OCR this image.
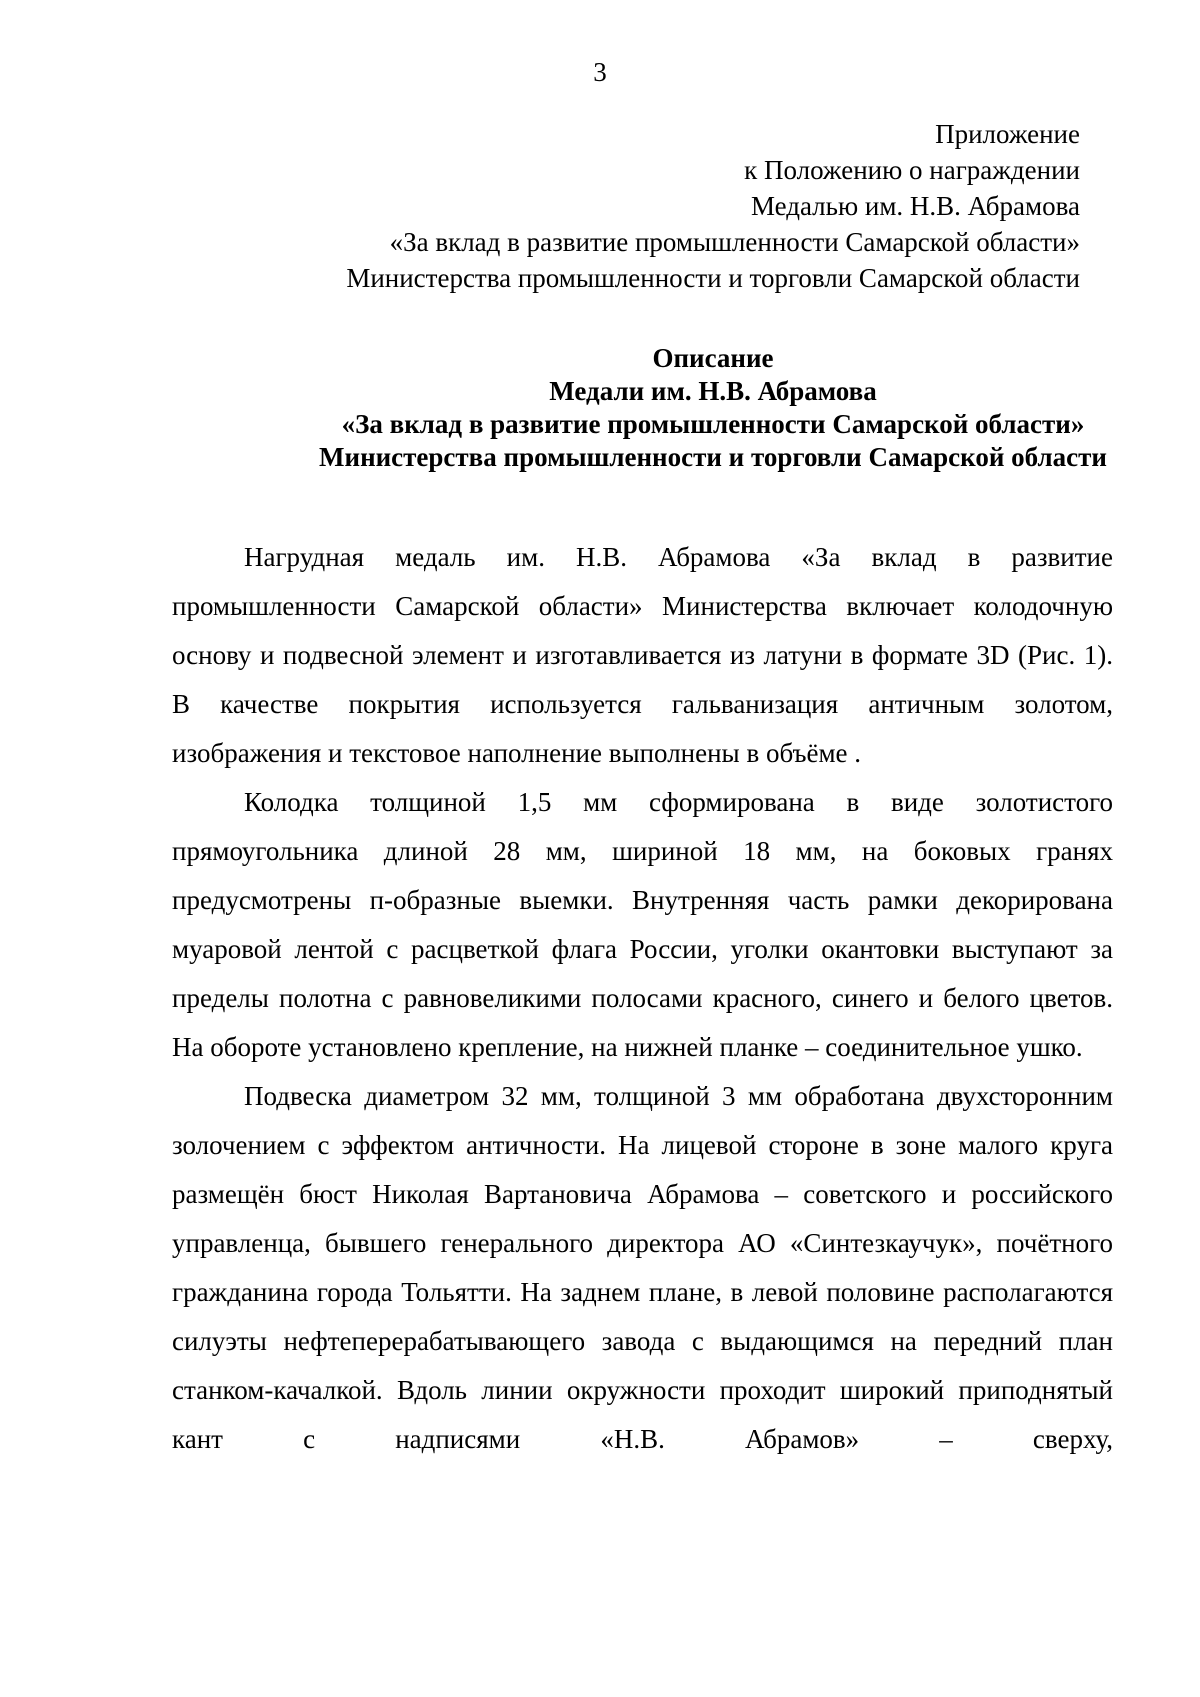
3
Приложение
к Положению о награждении
Медалью им. Н.В. Абрамова
«За вклад в развитие промышленности Самарской области»
Министерства промышленности и торговли Самарской области
Описание
Медали им. Н.В. Абрамова
«За вклад в развитие промышленности Самарской области»
Министерства промышленности и торговли Самарской области

Нагрудная медаль им. Н.В. Абрамова «За вклад в развитие промышленности Самарской области» Министерства включает колодочную основу и подвесной элемент и изготавливается из латуни в формате 3D (Рис. 1). В качестве покрытия используется гальванизация античным золотом, изображения и текстовое наполнение выполнены в объёме .

Колодка толщиной 1,5 мм сформирована в виде золотистого прямоугольника длиной 28 мм, шириной 18 мм, на боковых гранях предусмотрены п-образные выемки. Внутренняя часть рамки декорирована муаровой лентой с расцветкой флага России, уголки окантовки выступают за пределы полотна с равновеликими полосами красного, синего и белого цветов. На обороте установлено крепление, на нижней планке – соединительное ушко.

Подвеска диаметром 32 мм, толщиной 3 мм обработана двухсторонним золочением с эффектом античности. На лицевой стороне в зоне малого круга размещён бюст Николая Вартановича Абрамова – советского и российского управленца, бывшего генерального директора АО «Синтезкаучук», почётного гражданина города Тольятти. На заднем плане, в левой половине располагаются силуэты нефтеперерабатывающего завода с выдающимся на передний план станком-качалкой. Вдоль линии окружности проходит широкий приподнятый кант с надписями «Н.В. Абрамов» – сверху,
